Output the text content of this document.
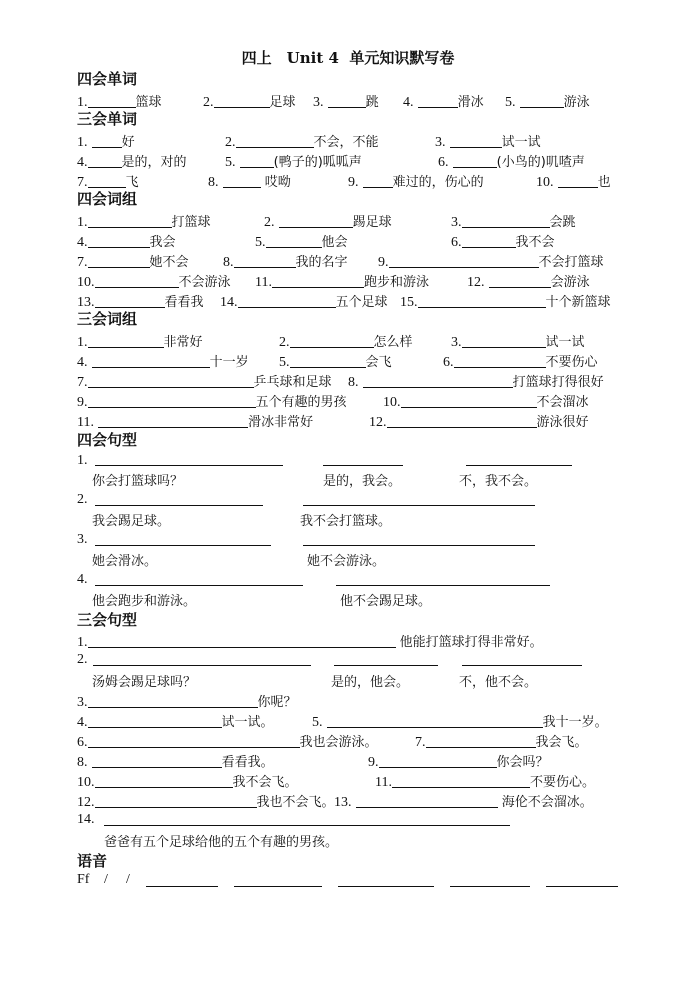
四上　Unit 4  单元知识默写卷
四会单词
1.	篮球	2.	足球 3.	跳 4.	滑冰 5.	游泳
三会单词
1.	好	2.	不会，不能	3.	试一试
4.	是的，对的	5.	(鸭子的)呱呱声	6.	(小鸟的)叽喳声
7.	飞	8.	哎呦	9.	难过的，伤心的	10.	也
四会词组
1.	打篮球	2.	踢足球	3.	会跳
4.	我会	5.	他会	6.	我不会
7.	她不会 8.	我的名字 9.	不会打篮球
10.	不会游泳 11.	跑步和游泳	12.	会游泳
13.	看看我 14.	五个足球 15.	十个新篮球
三会词组
1.	非常好	2.	怎么样	3.	试一试
4.	十一岁 5.	会飞	6.	不要伤心
7.	乒乓球和足球 8.	打篮球打得很好
9.	五个有趣的男孩	10.	不会溜冰
11.	滑冰非常好	12.	游泳很好
四会句型
1.
你会打篮球吗？	是的，我会。	不，我不会。
2.
我会踢足球。	我不会打篮球。
3.
她会滑冰。	她不会游泳。
4.
他会跑步和游泳。	他不会踢足球。
三会句型
1.	他能打篮球打得非常好。
2.
汤姆会踢足球吗？	是的，他会。	不，他不会。
3.	你呢？
4.	试一试。	5.	我十一岁。
6.	我也会游泳。	7.	我会飞。
8.	看看我。	9.	你会吗？
10.	我不会飞。	11.	不要伤心。
12.	我也不会飞。 13.	海伦不会溜冰。
14.
爸爸有五个足球给他的五个有趣的男孩。
语音
Ff / /
